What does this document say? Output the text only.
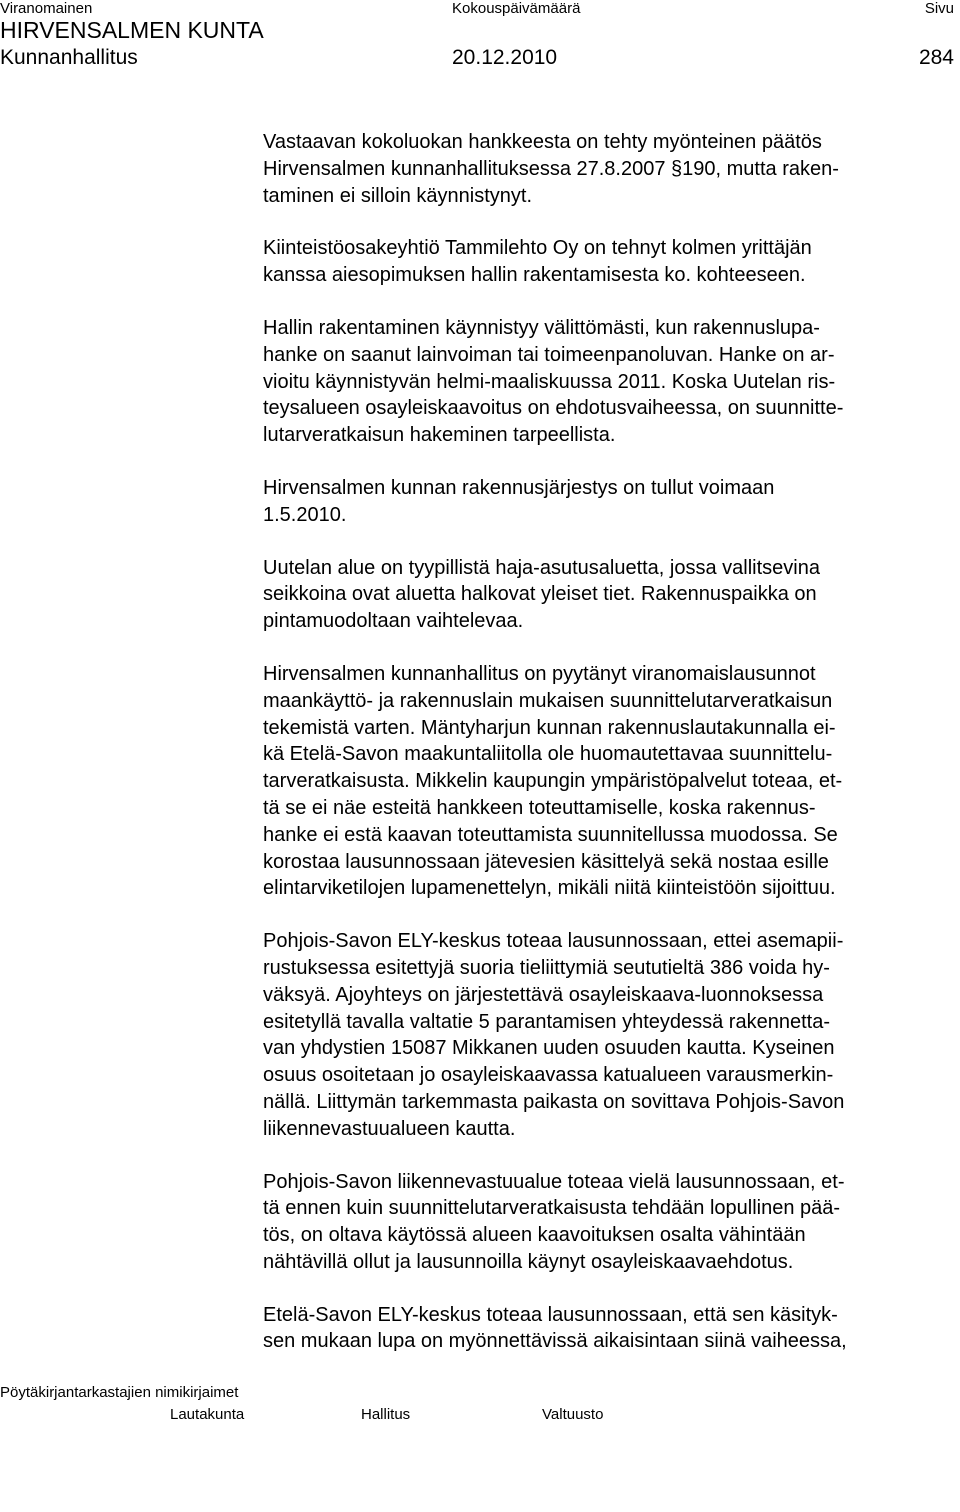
Viranomainen	Kokouspäivämäärä	Sivu
HIRVENSALMEN KUNTA
Kunnanhallitus	20.12.2010	284

Vastaavan kokoluokan hankkeesta on tehty myönteinen päätös
Hirvensalmen kunnanhallituksessa 27.8.2007 §190, mutta raken-
taminen ei silloin käynnistynyt.

Kiinteistöosakeyhtiö Tammilehto Oy on tehnyt kolmen yrittäjän
kanssa aiesopimuksen hallin rakentamisesta ko. kohteeseen.

Hallin rakentaminen käynnistyy välittömästi, kun rakennuslupa-
hanke on saanut lainvoiman tai toimeenpanoluvan. Hanke on ar-
vioitu käynnistyvän helmi-maaliskuussa 2011. Koska Uutelan ris-
teysalueen osayleiskaavoitus on ehdotusvaiheessa, on suunnitte-
lutarveratkaisun hakeminen tarpeellista.

Hirvensalmen kunnan rakennusjärjestys on tullut voimaan
1.5.2010.

Uutelan alue on tyypillistä haja-asutusaluetta, jossa vallitsevina
seikkoina ovat aluetta halkovat yleiset tiet. Rakennuspaikka on
pintamuodoltaan vaihtelevaa.

Hirvensalmen kunnanhallitus on pyytänyt viranomaislausunnot
maankäyttö- ja rakennuslain mukaisen suunnittelutarveratkaisun
tekemistä varten. Mäntyharjun kunnan rakennuslautakunnalla ei-
kä Etelä-Savon maakuntaliitolla ole huomautettavaa suunnittelu-
tarveratkaisusta. Mikkelin kaupungin ympäristöpalvelut toteaa, et-
tä se ei näe esteitä hankkeen toteuttamiselle, koska rakennus-
hanke ei estä kaavan toteuttamista suunnitellussa muodossa. Se
korostaa lausunnossaan jätevesien käsittelyä sekä nostaa esille
elintarviketilojen lupamenettelyn, mikäli niitä kiinteistöön sijoittuu.

Pohjois-Savon ELY-keskus toteaa lausunnossaan, ettei asemapii-
rustuksessa esitettyjä suoria tieliittymiä seututieltä 386 voida hy-
väksyä. Ajoyhteys on järjestettävä osayleiskaava-luonnoksessa
esitetyllä tavalla valtatie 5 parantamisen yhteydessä rakennetta-
van yhdystien 15087 Mikkanen uuden osuuden kautta. Kyseinen
osuus osoitetaan jo osayleiskaavassa katualueen varausmerkin-
nällä. Liittymän tarkemmasta paikasta on sovittava Pohjois-Savon
liikennevastuualueen kautta.

Pohjois-Savon liikennevastuualue toteaa vielä lausunnossaan, et-
tä ennen kuin suunnittelutarveratkaisusta tehdään lopullinen pää-
tös, on oltava käytössä alueen kaavoituksen osalta vähintään
nähtävillä ollut ja lausunnoilla käynyt osayleiskaavaehdotus.

Etelä-Savon ELY-keskus toteaa lausunnossaan, että sen käsityk-
sen mukaan lupa on myönnettävissä aikaisintaan siinä vaiheessa,

Pöytäkirjantarkastajien nimikirjaimet
Lautakunta	Hallitus	Valtuusto
